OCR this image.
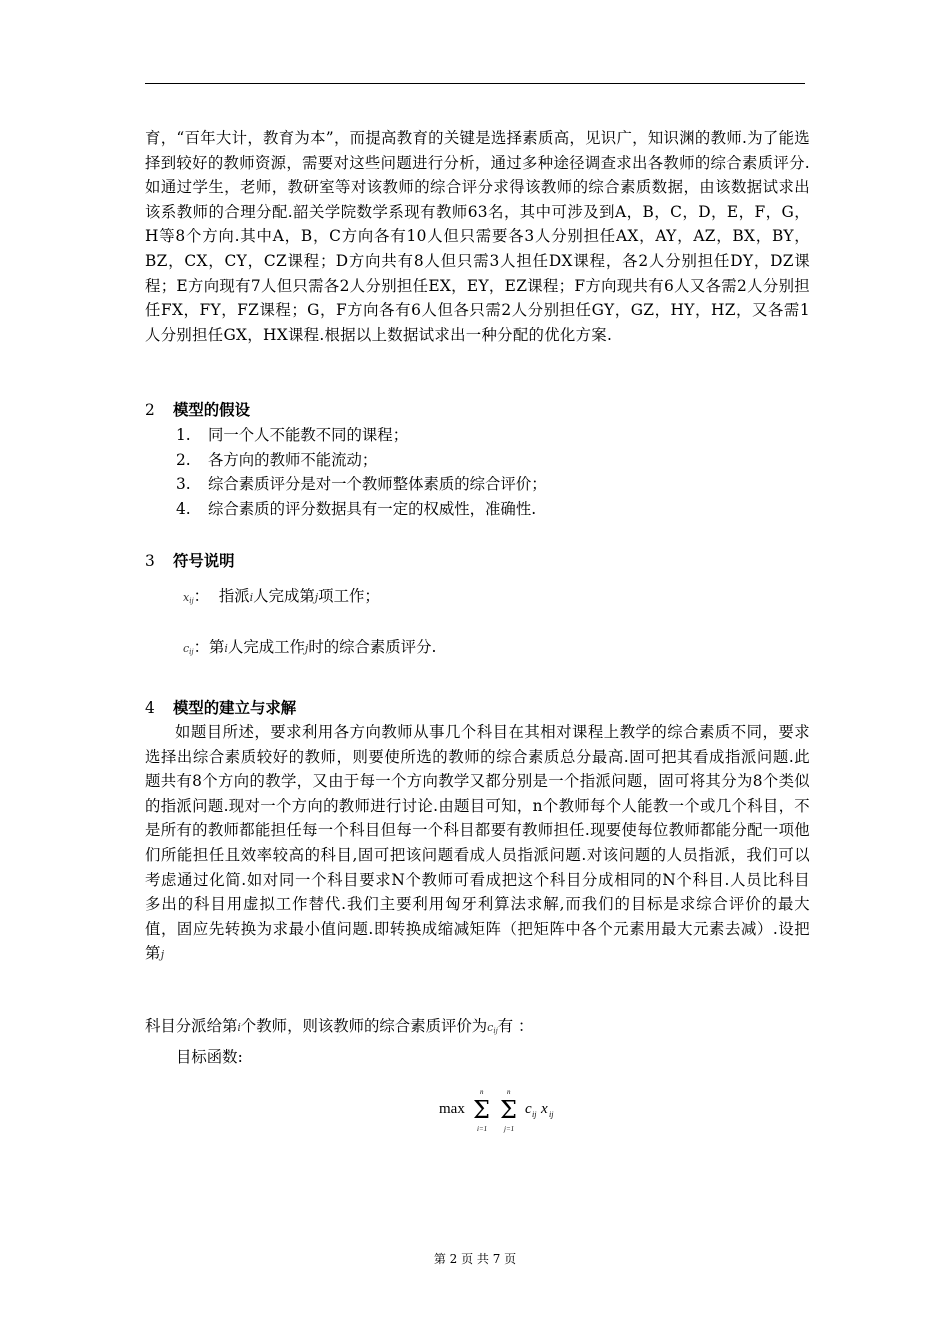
育，“百年大计，教育为本”，而提高教育的关键是选择素质高，见识广，知识渊的教师.为了能选择到较好的教师资源，需要对这些问题进行分析，通过多种途径调查求出各教师的综合素质评分.如通过学生，老师，教研室等对该教师的综合评分求得该教师的综合素质数据，由该数据试求出该系教师的合理分配.韶关学院数学系现有教师63名，其中可涉及到A，B，C，D，E，F，G，H等8个方向.其中A，B，C方向各有10人但只需要各3人分别担任AX，AY，AZ，BX，BY，BZ，CX，CY，CZ课程；D方向共有8人但只需3人担任DX课程，各2人分别担任DY，DZ课程；E方向现有7人但只需各2人分别担任EX，EY，EZ课程；F方向现共有6人又各需2人分别担任FX，FY，FZ课程；G，F方向各有6人但各只需2人分别担任GY，GZ，HY，HZ，又各需1人分别担任GX，HX课程.根据以上数据试求出一种分配的优化方案.

2 模型的假设
1. 同一个人不能教不同的课程；
2. 各方向的教师不能流动；
3. 综合素质评分是对一个教师整体素质的综合评价；
4. 综合素质的评分数据具有一定的权威性，准确性.
3 符号说明

$x_{ij}$： 指派i人完成第j项工作；

$c_{ij}$：第i人完成工作j时的综合素质评分.

4 模型的建立与求解

如题目所述，要求利用各方向教师从事几个科目在其相对课程上教学的综合素质不同，要求选择出综合素质较好的教师，则要使所选的教师的综合素质总分最高.固可把其看成指派问题.此题共有8个方向的教学，又由于每一个方向教学又都分别是一个指派问题，固可将其分为8个类似的指派问题.现对一个方向的教师进行讨论.由题目可知，n个教师每个人能教一个或几个科目，不是所有的教师都能担任每一个科目但每一个科目都要有教师担任.现要使每位教师都能分配一项他们所能担任且效率较高的科目,固可把该问题看成人员指派问题.对该问题的人员指派，我们可以考虑通过化简.如对同一个科目要求N个教师可看成把这个科目分成相同的N个科目.人员比科目多出的科目用虚拟工作替代.我们主要利用匈牙利算法求解,而我们的目标是求综合评价的最大值，固应先转换为求最小值问题.即转换成缩减矩阵（把矩阵中各个元素用最大元素去减）.设把第j

科目分派给第i个教师，则该教师的综合素质评价为$c_{ij}$有 ：

目标函数:

max
n
Σ
i=1
n
Σ
j=1
c ij x ij
第 2 页 共 7 页
